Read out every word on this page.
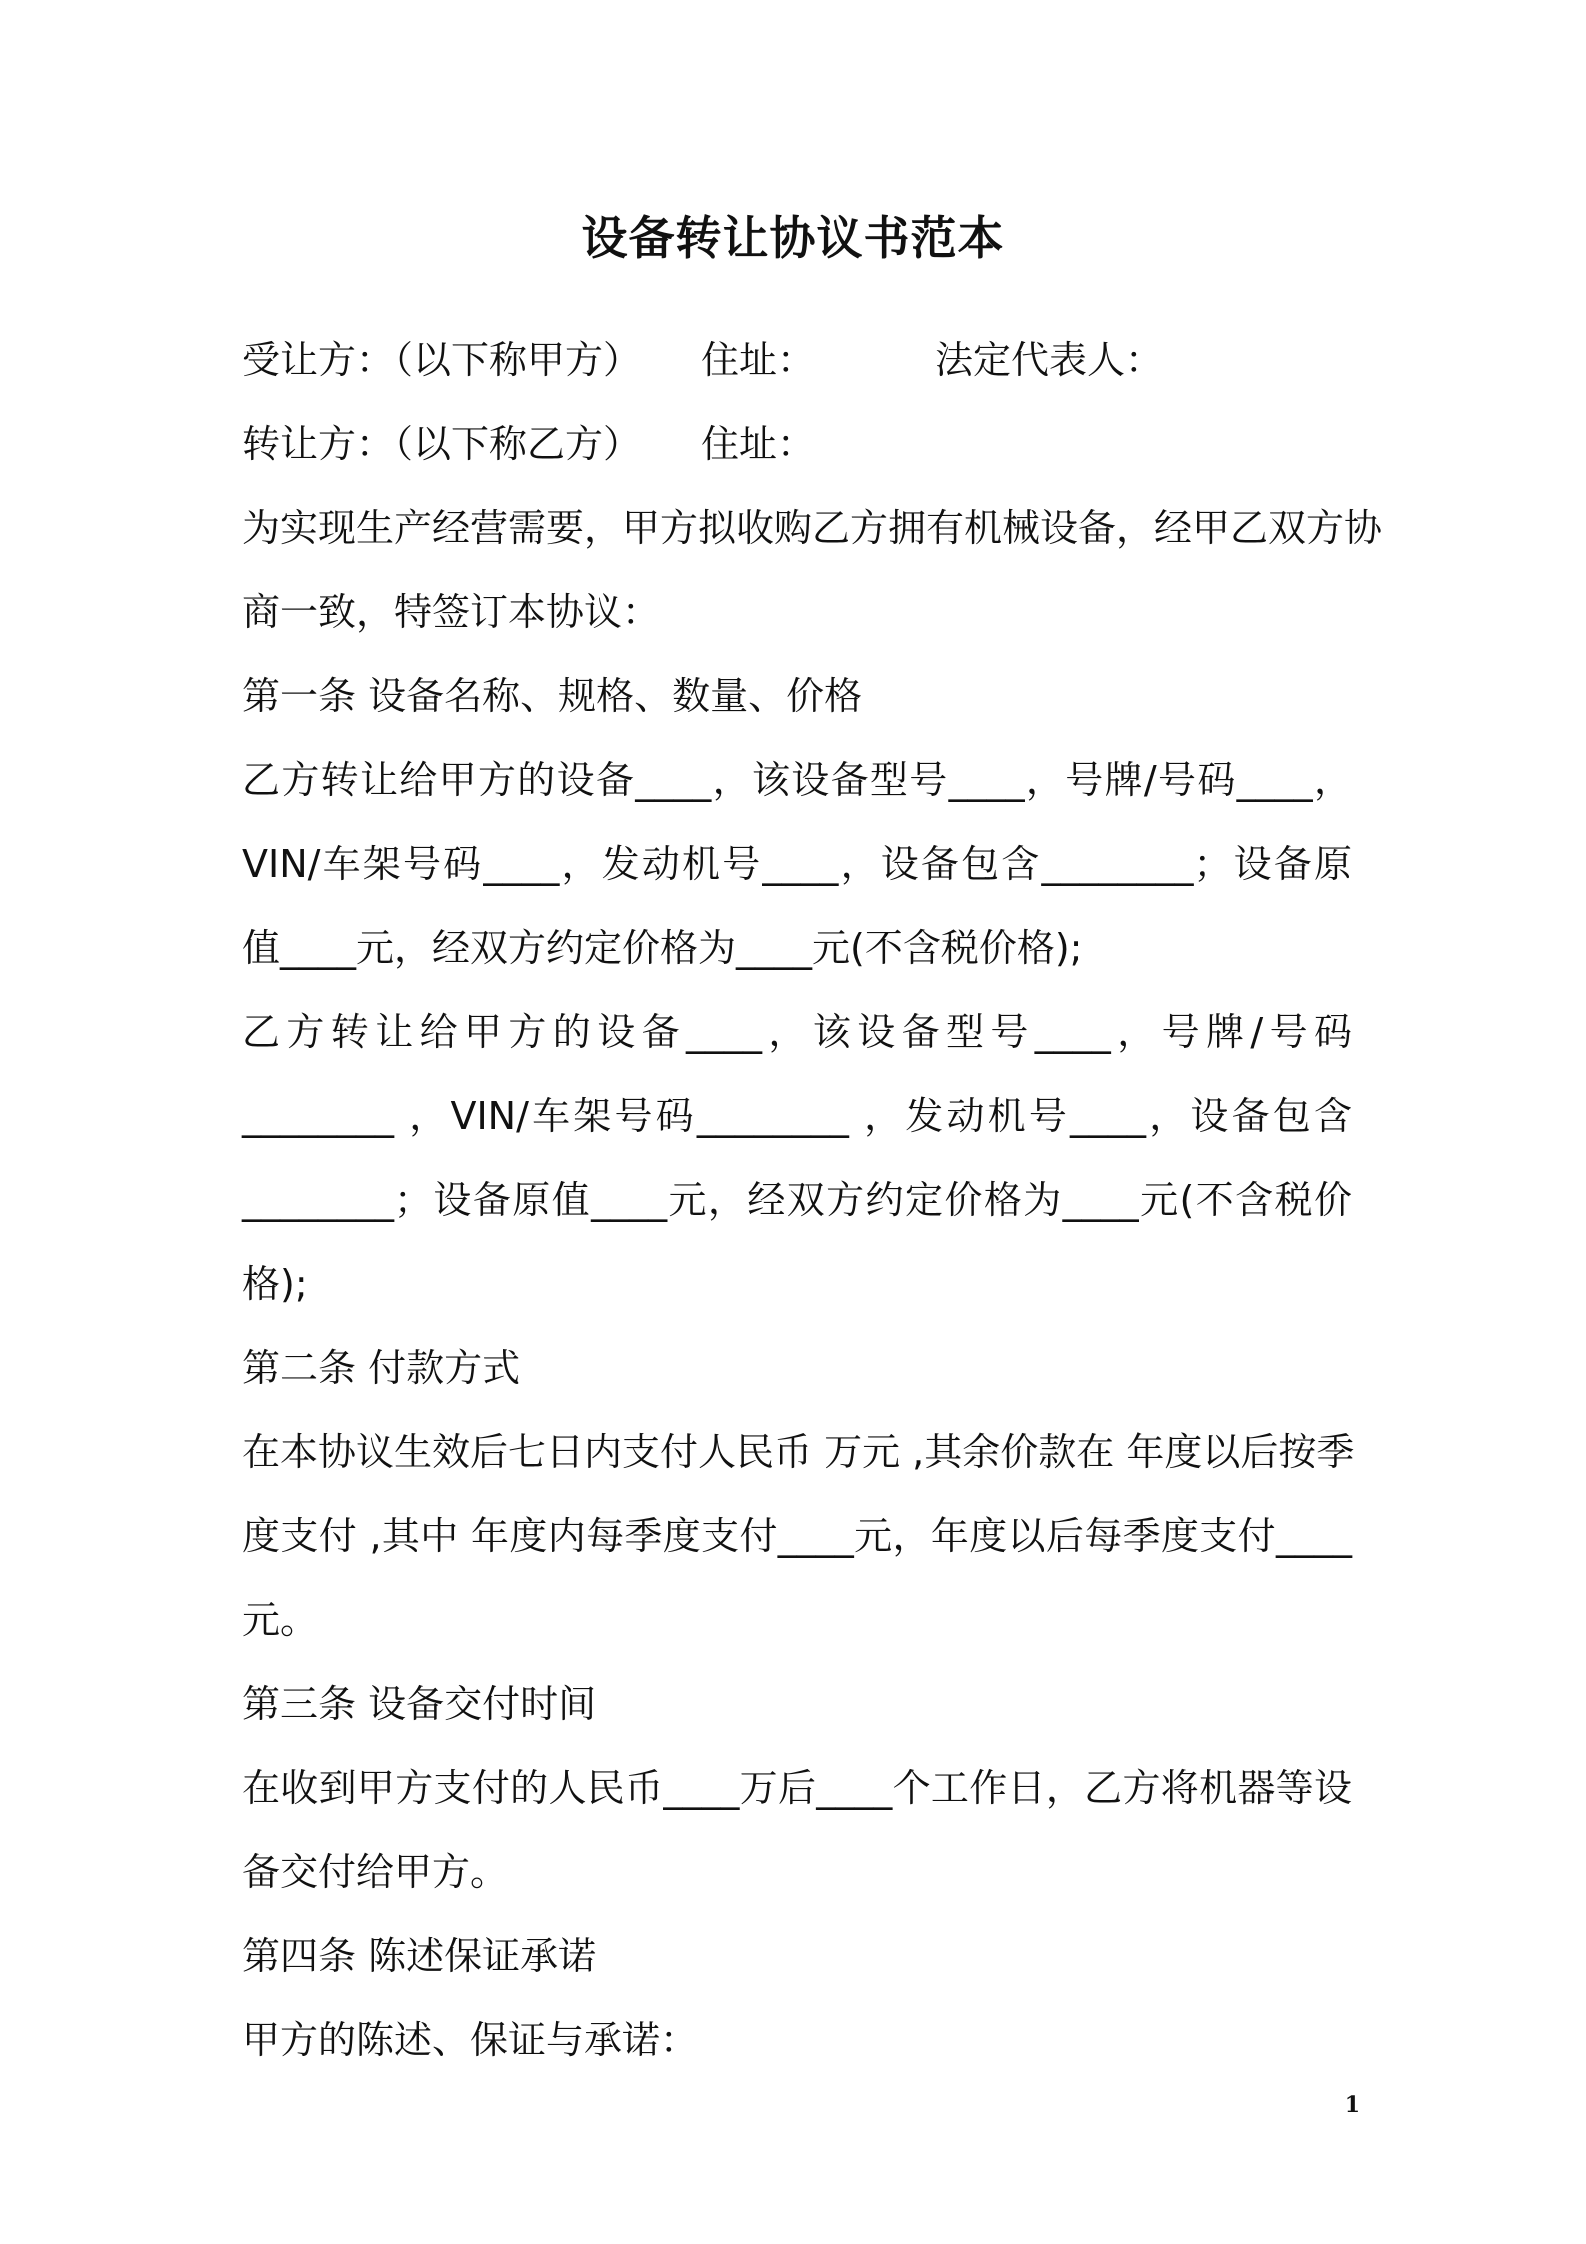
设备转让协议书范本
受让方：（以下称甲方） 住址：	法定代表人：
转让方：（以下称乙方） 住址：
为实现生产经营需要，甲方拟收购乙方拥有机械设备，经甲乙双方协
商一致，特签订本协议：
第一条 设备名称、规格、数量、价格
乙方转让给甲方的设备____，该设备型号____，号牌/号码____，
VIN/车架号码____，发动机号____，设备包含________；设备原
值____元，经双方约定价格为____元(不含税价格);
乙方转让给甲方的设备____，该设备型号____，号牌/号码
________ ，VIN/车架号码________ ，发动机号____，设备包含
________；设备原值____元，经双方约定价格为____元(不含税价
格);
第二条 付款方式
在本协议生效后七日内支付人民币 万元 ,其余价款在 年度以后按季
度支付 ,其中 年度内每季度支付____元，年度以后每季度支付____
元。
第三条 设备交付时间
在收到甲方支付的人民币____万后____个工作日，乙方将机器等设
备交付给甲方。
第四条 陈述保证承诺
甲方的陈述、保证与承诺：
1
